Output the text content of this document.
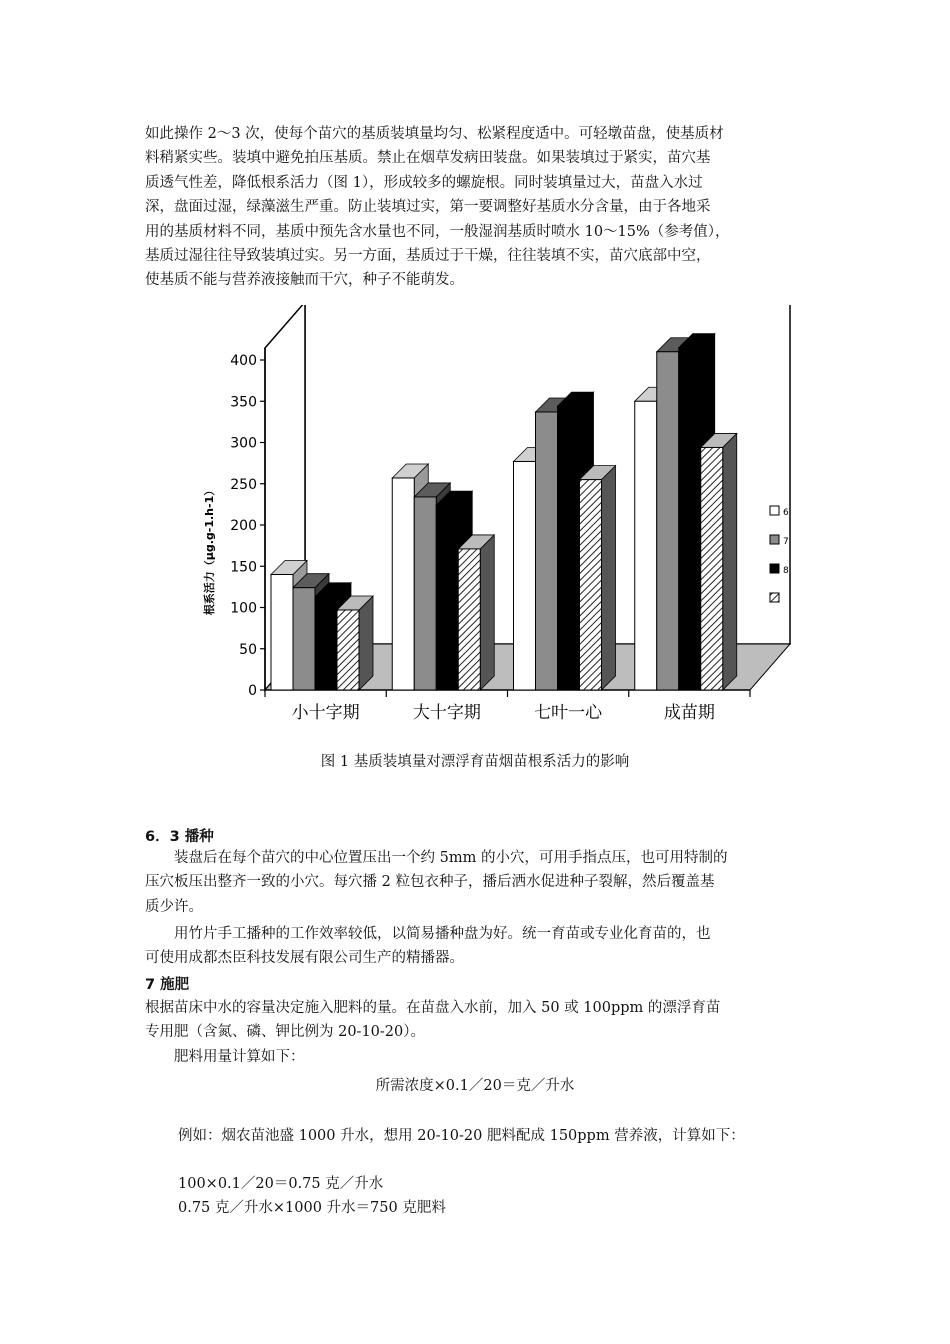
如此操作 2～3 次，使每个苗穴的基质装填量均匀、松紧程度适中。可轻墩苗盘，使基质材
料稍紧实些。装填中避免拍压基质。禁止在烟草发病田装盘。如果装填过于紧实，苗穴基
质透气性差，降低根系活力（图 1），形成较多的螺旋根。同时装填量过大，苗盘入水过
深，盘面过湿，绿藻滋生严重。防止装填过实，第一要调整好基质水分含量，由于各地采
用的基质材料不同，基质中预先含水量也不同，一般湿润基质时喷水 10～15%（参考值），
基质过湿往往导致装填过实。另一方面，基质过于干燥，往往装填不实，苗穴底部中空，
使基质不能与营养液接触而干穴，种子不能萌发。
0
50
100
150
200
250
300
350
400
根系活力（μg.g-1.h-1）
小十字期	大十字期	七叶一心	成苗期
6
7
8
图 1 基质装填量对漂浮育苗烟苗根系活力的影响
6．3 播种
　　装盘后在每个苗穴的中心位置压出一个约 5mm 的小穴，可用手指点压，也可用特制的
压穴板压出整齐一致的小穴。每穴播 2 粒包衣种子，播后洒水促进种子裂解，然后覆盖基
质少许。
　　用竹片手工播种的工作效率较低，以简易播种盘为好。统一育苗或专业化育苗的，也
可使用成都杰臣科技发展有限公司生产的精播器。
7 施肥
根据苗床中水的容量决定施入肥料的量。在苗盘入水前，加入 50 或 100ppm 的漂浮育苗
专用肥（含氮、磷、钾比例为 20-10-20）。
　　肥料用量计算如下：
所需浓度×0.1／20＝克／升水
例如：烟农苗池盛 1000 升水，想用 20-10-20 肥料配成 150ppm 营养液，计算如下：
100×0.1／20＝0.75 克／升水
0.75 克／升水×1000 升水＝750 克肥料
